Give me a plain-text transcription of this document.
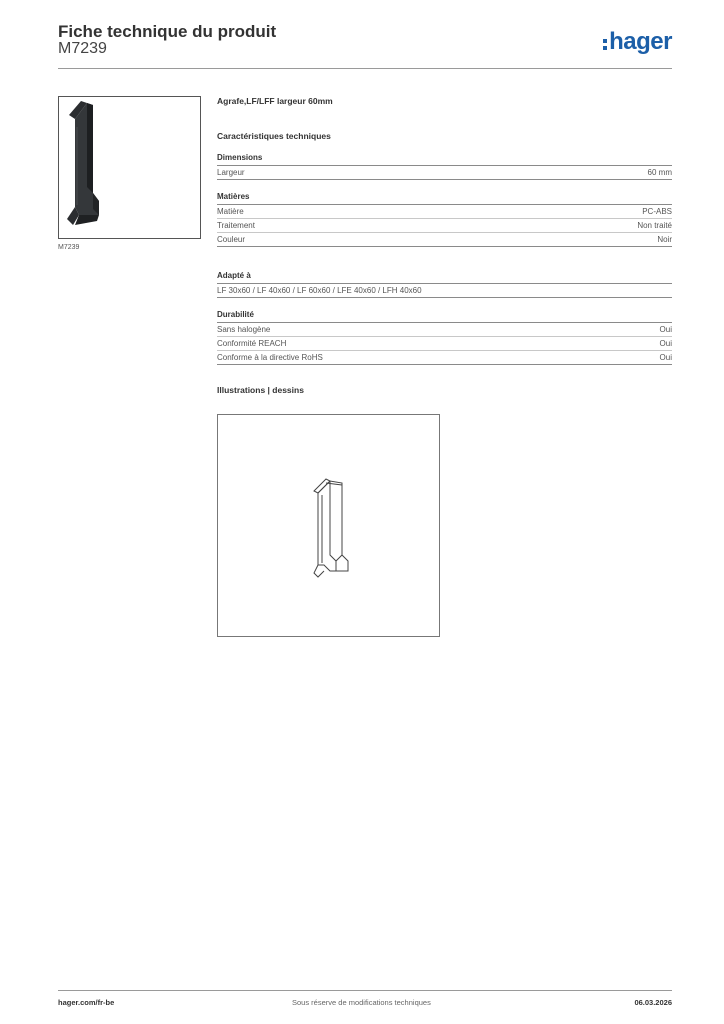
Fiche technique du produit
M7239	hager
M7239
Agrafe,LF/LFF largeur 60mm
Caractéristiques techniques
Dimensions
Largeur	60 mm
Matières
Matière	PC-ABS
Traitement	Non traité
Couleur	Noir
Adapté à
LF 30x60 / LF 40x60 / LF 60x60 / LFE 40x60 / LFH 40x60
Durabilité
Sans halogène	Oui
Conformité REACH	Oui
Conforme à la directive RoHS	Oui
Illustrations | dessins
hager.com/fr-be	Sous réserve de modifications techniques	06.03.2026
